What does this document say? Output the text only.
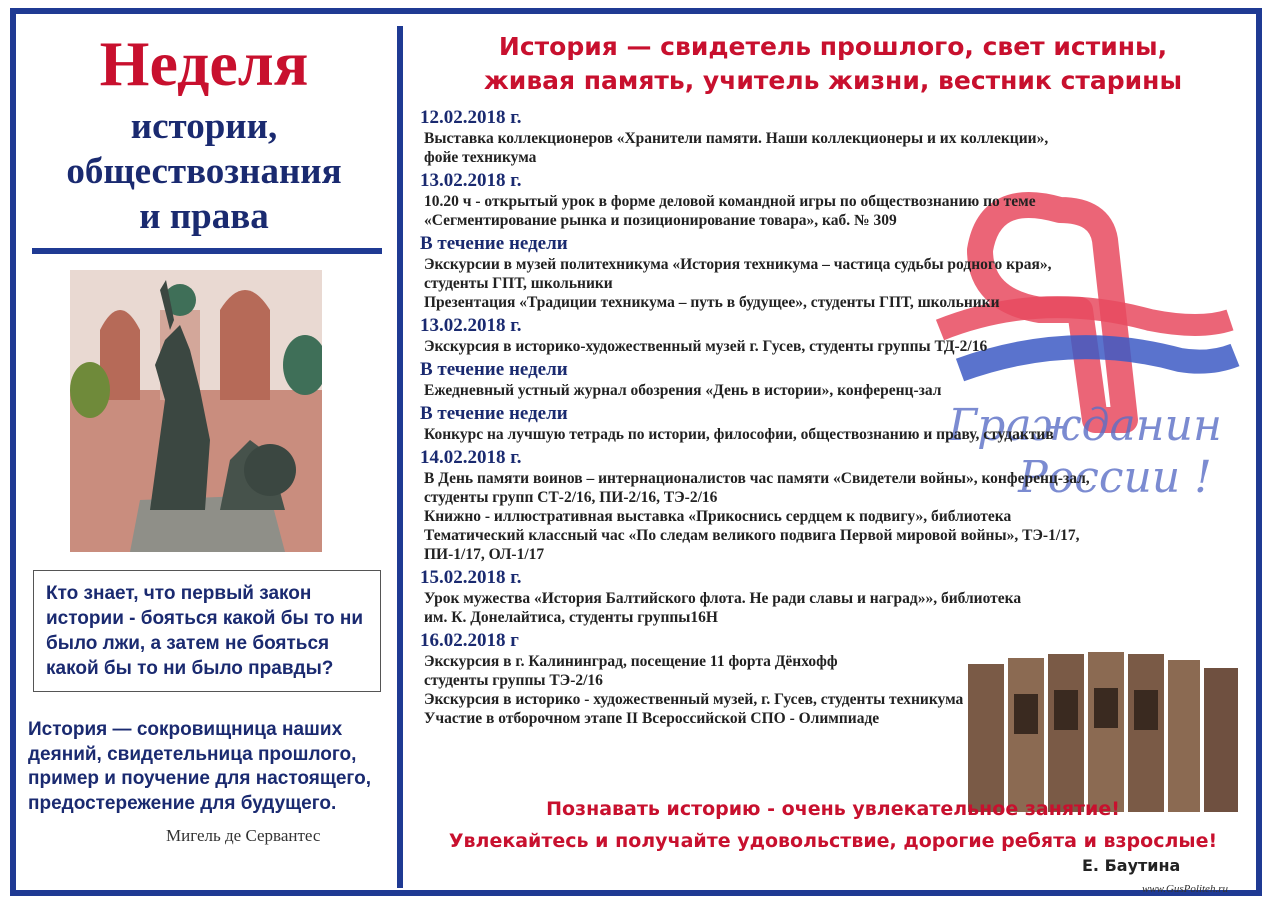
Неделя
истории,
обществознания
и права
Кто знает, что первый закон истории - бояться какой бы то ни было лжи, а затем не бояться какой бы то ни было правды?
История — сокровищница наших деяний, свидетельница прошлого, пример и поучение для настоящего, предостережение для будущего.
Мигель де Сервантес
История — свидетель прошлого, свет истины,
живая память, учитель жизни, вестник старины
Гражданин
России !
12.02.2018 г.
Выставка коллекционеров «Хранители памяти. Наши коллекционеры и их коллекции»,
фойе техникума
13.02.2018 г.
10.20 ч - открытый урок в форме деловой командной игры по обществознанию по теме
«Сегментирование рынка и позиционирование товара», каб. № 309
В течение недели
Экскурсии в музей политехникума «История техникума – частица судьбы родного края»,
студенты ГПТ, школьники
Презентация «Традиции техникума – путь в будущее», студенты ГПТ, школьники
13.02.2018 г.
Экскурсия в историко-художественный музей г. Гусев, студенты группы ТД-2/16
В течение недели
Ежедневный устный журнал обозрения «День в истории», конференц-зал
В течение недели
Конкурс на лучшую тетрадь по истории, философии, обществознанию и праву, студактив
14.02.2018 г.
В День памяти воинов – интернационалистов час памяти «Свидетели войны», конференц-зал,
студенты групп СТ-2/16, ПИ-2/16, ТЭ-2/16
Книжно - иллюстративная выставка «Прикоснись сердцем к подвигу», библиотека
Тематический классный час «По следам великого подвига Первой мировой войны», ТЭ-1/17,
ПИ-1/17, ОЛ-1/17
15.02.2018 г.
Урок мужества «История Балтийского флота. Не ради славы и наград»», библиотека
им. К. Донелайтиса, студенты группы16Н
16.02.2018 г
Экскурсия в г. Калининград, посещение 11 форта Дёнхофф
студенты группы ТЭ-2/16
Экскурсия в историко - художественный музей, г. Гусев, студенты техникума
Участие в отборочном этапе II Всероссийской СПО - Олимпиаде
Познавать историю - очень увлекательное занятие!
Увлекайтесь и получайте удовольствие, дорогие ребята и взрослые!
Е. Баутина
www.GusPoliteh.ru
